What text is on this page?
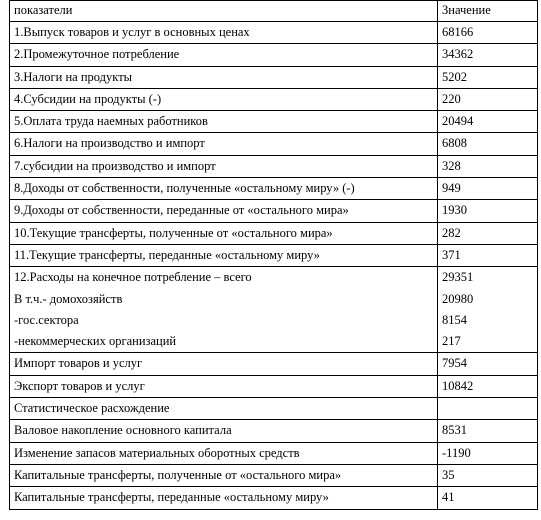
показатели	Значение
1.Выпуск товаров и услуг в основных ценах	68166
2.Промежуточное потребление	34362
3.Налоги на продукты	5202
4.Субсидии на продукты (-)	220
5.Оплата труда наемных работников	20494
6.Налоги на производство и импорт	6808
7.субсидии на производство и импорт	328
8.Доходы от собственности, полученные «остальному миру» (-)	949
9.Доходы от собственности, переданные от «остального мира»	1930
10.Текущие трансферты, полученные от «остального мира»	282
11.Текущие трансферты, переданные «остальному миру»	371
12.Расходы на конечное потребление – всего	29351
В т.ч.- домохозяйств	20980
-гос.сектора	8154
-некоммерческих организаций	217
Импорт товаров и услуг	7954
Экспорт товаров и услуг	10842
Статистическое расхождение	
Валовое накопление основного капитала	8531
Изменение запасов материальных оборотных средств	-1190
Капитальные трансферты, полученные от «остального мира»	35
Капитальные трансферты, переданные «остальному миру»	41
